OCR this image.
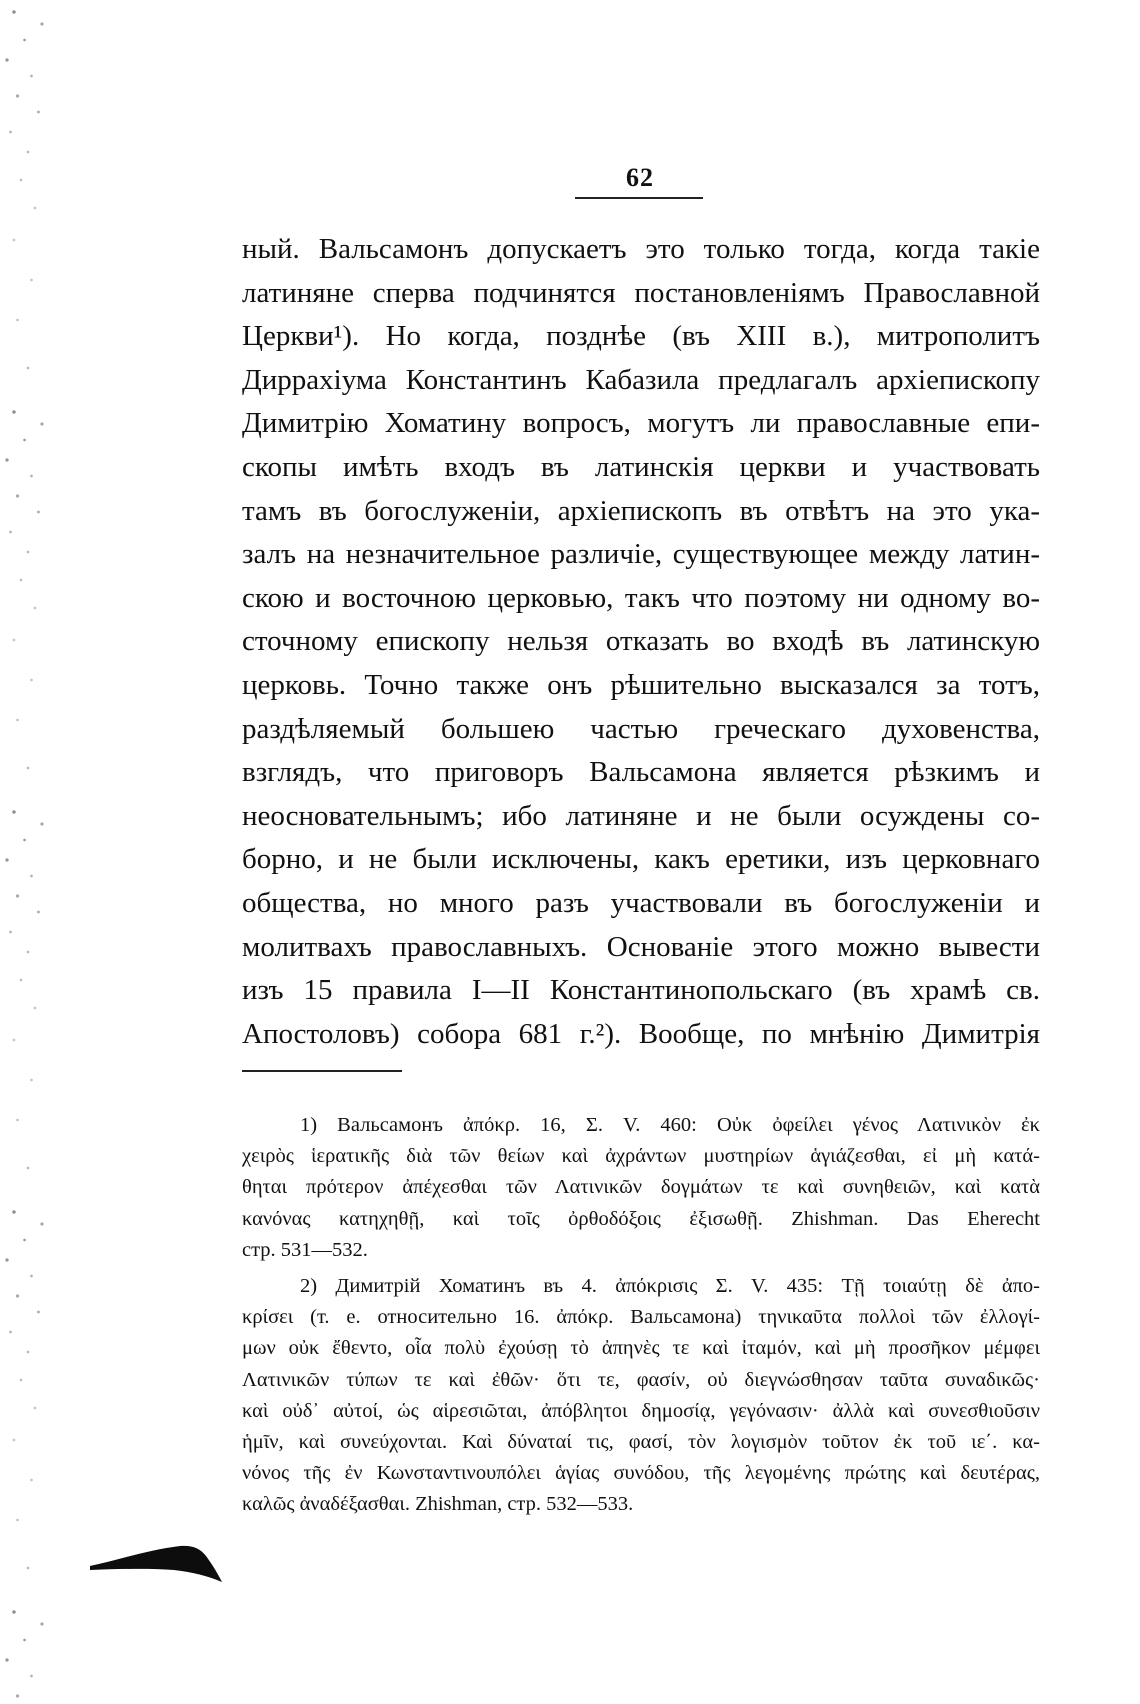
62
ный. Вальсамонъ допускаетъ это только тогда, когда такіе
латиняне сперва подчинятся постановленіямъ Православной
Церкви¹). Но когда, позднѣе (въ XIII в.), митрополитъ
Диррахіума Константинъ Кабазила предлагалъ архіепископу
Димитрію Хоматину вопросъ, могутъ ли православные епи-
скопы имѣть входъ въ латинскія церкви и участвовать
тамъ въ богослуженіи, архіепископъ въ отвѣтъ на это ука-
залъ на незначительное различіе, существующее между латин-
скою и восточною церковью, такъ что поэтому ни одному во-
сточному епископу нельзя отказать во входѣ въ латинскую
церковь. Точно также онъ рѣшительно высказался за тотъ,
раздѣляемый большею частью греческаго духовенства,
взглядъ, что приговоръ Вальсамона является рѣзкимъ и
неосновательнымъ; ибо латиняне и не были осуждены со-
борно, и не были исключены, какъ еретики, изъ церковнаго
общества, но много разъ участвовали въ богослуженіи и
молитвахъ православныхъ. Основаніе этого можно вывести
изъ 15 правила I—II Константинопольскаго (въ храмѣ св.
Апостоловъ) собора 681 г.²). Вообще, по мнѣнію Димитрія
1) Вальсамонъ ἀπόκρ. 16, Σ. V. 460: Οὐκ ὀφείλει γένος Λατινικὸν ἐκ
χειρὸς ἱερατικῆς διὰ τῶν θείων καὶ ἀχράντων μυστηρίων ἁγιάζεσθαι, εἰ μὴ κατά-
θηται πρότερον ἀπέχεσθαι τῶν Λατινικῶν δογμάτων τε καὶ συνηθειῶν, καὶ κατὰ
κανόνας κατηχηθῇ, καὶ τοῖς ὀρθοδόξοις ἐξισωθῇ. Zhishman. Das Eherecht
стр. 531—532.
2) Димитрій Хоматинъ въ 4. ἀπόκρισις Σ. V. 435: Τῇ τοιαύτῃ δὲ ἀπο-
κρίσει (т. е. относительно 16. ἀπόκρ. Вальсамона) τηνικαῦτα πολλοὶ τῶν ἐλλογί-
μων οὐκ ἔθεντο, οἷα πολὺ ἐχούσῃ τὸ ἀπηνὲς τε καὶ ἰταμόν, καὶ μὴ προσῆκον μέμφει
Λατινικῶν τύπων τε καὶ ἐθῶν· ὅτι τε, φασίν, οὐ διεγνώσθησαν ταῦτα συναδικῶς·
καὶ οὐδ᾽ αὐτοί, ὡς αἱρεσιῶται, ἀπόβλητοι δημοσίᾳ, γεγόνασιν· ἀλλὰ καὶ συνεσθιοῦσιν
ἡμῖν, καὶ συνεύχονται. Καὶ δύναταί τις, φασί, τὸν λογισμὸν τοῦτον ἐκ τοῦ ιε΄. κα-
νόνος τῆς ἐν Κωνσταντινουπόλει ἁγίας συνόδου, τῆς λεγομένης πρώτης καὶ δευτέρας,
καλῶς ἀναδέξασθαι. Zhishman, стр. 532—533.
